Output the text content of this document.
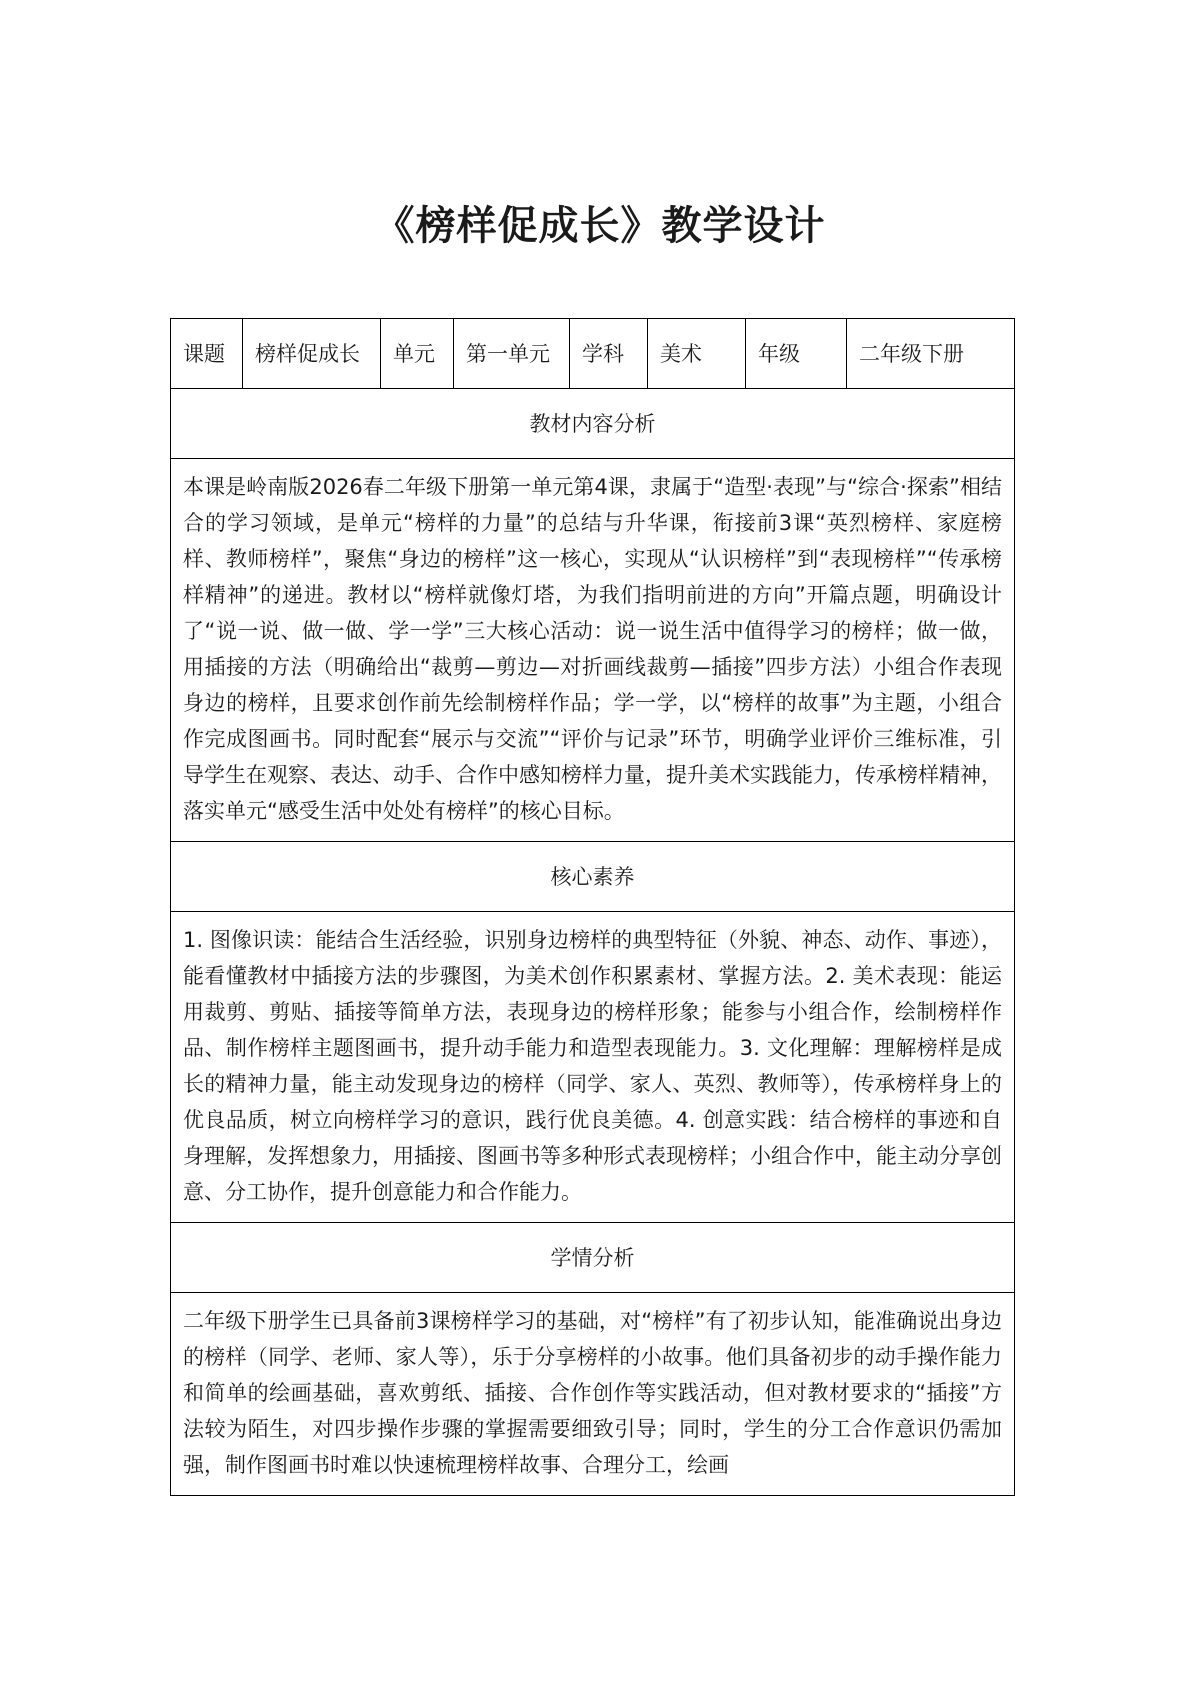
《榜样促成长》教学设计
课题	榜样促成长	单元	第一单元	学科	美术	年级	二年级下册
教材内容分析
本课是岭南版2026春二年级下册第一单元第4课，隶属于“造型·表现”与“综合·探索”相结合的学习领域，是单元“榜样的力量”的总结与升华课，衔接前3课“英烈榜样、家庭榜样、教师榜样”，聚焦“身边的榜样”这一核心，实现从“认识榜样”到“表现榜样”“传承榜样精神”的递进。教材以“榜样就像灯塔，为我们指明前进的方向”开篇点题，明确设计了“说一说、做一做、学一学”三大核心活动：说一说生活中值得学习的榜样；做一做，用插接的方法（明确给出“裁剪—剪边—对折画线裁剪—插接”四步方法）小组合作表现身边的榜样，且要求创作前先绘制榜样作品；学一学，以“榜样的故事”为主题，小组合作完成图画书。同时配套“展示与交流”“评价与记录”环节，明确学业评价三维标准，引导学生在观察、表达、动手、合作中感知榜样力量，提升美术实践能力，传承榜样精神，落实单元“感受生活中处处有榜样”的核心目标。
核心素养
1. 图像识读：能结合生活经验，识别身边榜样的典型特征（外貌、神态、动作、事迹），能看懂教材中插接方法的步骤图，为美术创作积累素材、掌握方法。2. 美术表现：能运用裁剪、剪贴、插接等简单方法，表现身边的榜样形象；能参与小组合作，绘制榜样作品、制作榜样主题图画书，提升动手能力和造型表现能力。3. 文化理解：理解榜样是成长的精神力量，能主动发现身边的榜样（同学、家人、英烈、教师等），传承榜样身上的优良品质，树立向榜样学习的意识，践行优良美德。4. 创意实践：结合榜样的事迹和自身理解，发挥想象力，用插接、图画书等多种形式表现榜样；小组合作中，能主动分享创意、分工协作，提升创意能力和合作能力。
学情分析
二年级下册学生已具备前3课榜样学习的基础，对“榜样”有了初步认知，能准确说出身边的榜样（同学、老师、家人等），乐于分享榜样的小故事。他们具备初步的动手操作能力和简单的绘画基础，喜欢剪纸、插接、合作创作等实践活动，但对教材要求的“插接”方法较为陌生，对四步操作步骤的掌握需要细致引导；同时，学生的分工合作意识仍需加强，制作图画书时难以快速梳理榜样故事、合理分工，绘画
